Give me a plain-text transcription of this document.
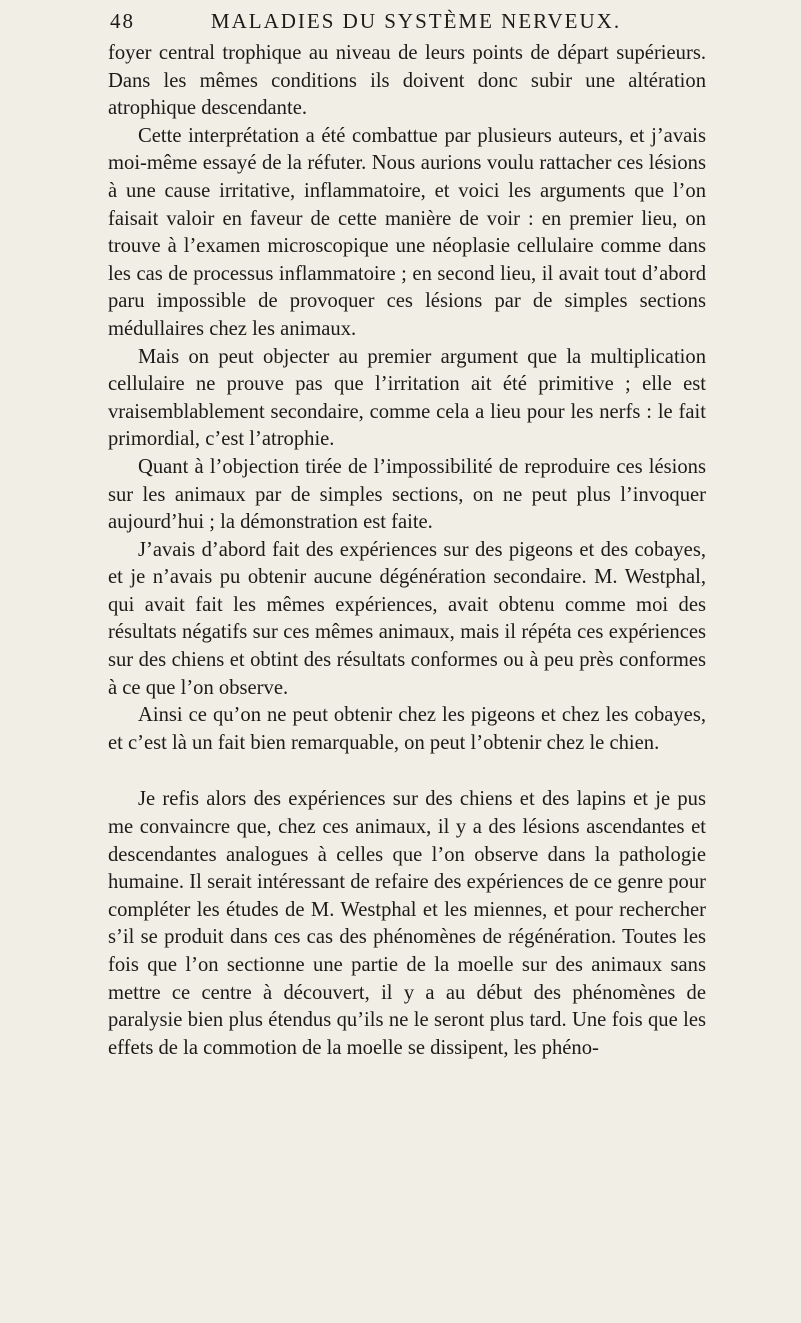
48	MALADIES DU SYSTÈME NERVEUX.

foyer central trophique au niveau de leurs points de départ supérieurs. Dans les mêmes conditions ils doivent donc subir une altération atrophique descendante.

Cette interprétation a été combattue par plusieurs auteurs, et j’avais moi-même essayé de la réfuter. Nous aurions voulu rattacher ces lésions à une cause irritative, inflammatoire, et voici les arguments que l’on faisait valoir en faveur de cette manière de voir : en premier lieu, on trouve à l’examen microscopique une néoplasie cellulaire comme dans les cas de processus inflammatoire ; en second lieu, il avait tout d’abord paru impossible de provoquer ces lésions par de simples sections médullaires chez les animaux.

Mais on peut objecter au premier argument que la multiplication cellulaire ne prouve pas que l’irritation ait été primitive ; elle est vraisemblablement secondaire, comme cela a lieu pour les nerfs : le fait primordial, c’est l’atrophie.

Quant à l’objection tirée de l’impossibilité de reproduire ces lésions sur les animaux par de simples sections, on ne peut plus l’invoquer aujourd’hui ; la démonstration est faite.

J’avais d’abord fait des expériences sur des pigeons et des cobayes, et je n’avais pu obtenir aucune dégénération secondaire. M. Westphal, qui avait fait les mêmes expériences, avait obtenu comme moi des résultats négatifs sur ces mêmes animaux, mais il répéta ces expériences sur des chiens et obtint des résultats conformes ou à peu près conformes à ce que l’on observe.

Ainsi ce qu’on ne peut obtenir chez les pigeons et chez les cobayes, et c’est là un fait bien remarquable, on peut l’obtenir chez le chien.

Je refis alors des expériences sur des chiens et des lapins et je pus me convaincre que, chez ces animaux, il y a des lésions ascendantes et descendantes analogues à celles que l’on observe dans la pathologie humaine. Il serait intéressant de refaire des expériences de ce genre pour compléter les études de M. Westphal et les miennes, et pour rechercher s’il se produit dans ces cas des phénomènes de régénération. Toutes les fois que l’on sectionne une partie de la moelle sur des animaux sans mettre ce centre à découvert, il y a au début des phénomènes de paralysie bien plus étendus qu’ils ne le seront plus tard. Une fois que les effets de la commotion de la moelle se dissipent, les phéno-
